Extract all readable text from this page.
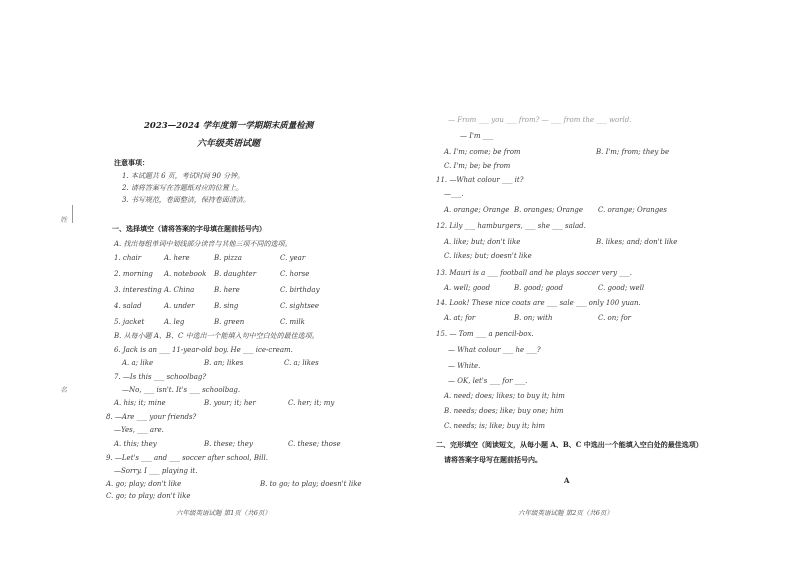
姓
名
2023—2024 学年度第一学期期末质量检测
六年级英语试题
注意事项：
1. 本试题共 6 页，考试时间 90 分钟。
2. 请将答案写在答题纸对应的位置上。
3. 书写规范，卷面整洁，保持卷面清洁。
一、选择填空（请将答案的字母填在题前括号内）
A. 找出每组单词中划线部分读音与其他三项不同的选项。
1. chair	A. here	B. pizza	C. year
2. morning A. notebook B. daughter	C. horse
3. interesting A. China	B. here	C. birthday
4. salad	A. under	B. sing	C. sightsee
5. jacket	A. leg	B. green	C. milk
B. 从每小题 A、B、C 中选出一个能填入句中空白处的最佳选项。
6. Jack is an ___ 11-year-old boy. He ___ ice-cream.
A. a; like	B. an; likes	C. a; likes
7. —Is this ___ schoolbag?
—No, ___ isn't. It's ___ schoolbag.
A. his; it; mine	B. your; it; her	C. her; it; my
8. —Are ___ your friends?
—Yes, ___ are.
A. this; they	B. these; they	C. these; those
9. —Let's ___ and ___ soccer after school, Bill.
—Sorry. I ___ playing it.
A. go; play; don't like	B. to go; to play; doesn't like
C. go; to play; don't like
六年级英语试题 第1页（共6页）
— From ___ you ___ from? — ___ from the ___ world.
— I'm ___
A. I'm; come; be from	B. I'm; from; they be
C. I'm; be; be from
11. —What colour ___ it?
—___.
A. orange; Orange B. oranges; Orange C. orange; Oranges
12. Lily ___ hamburgers, ___ she ___ salad.
A. like; but; don't like	B. likes; and; don't like
C. likes; but; doesn't like
13. Mauri is a ___ football and he plays soccer very ___.
A. well; good	B. good; good	C. good; well
14. Look! These nice coats are ___ sale ___ only 100 yuan.
A. at; for	B. on; with	C. on; for
15. — Tom ___ a pencil-box.
— What colour ___ he ___?
— White.
— OK, let's ___ for ___.
A. need; does; likes; to buy it; him
B. needs; does; like; buy one; him
C. needs; is; like; buy it; him
二、完形填空（阅读短文，从每小题 A、B、C 中选出一个能填入空白处的最佳选项）
请将答案字母写在题前括号内。
A
六年级英语试题 第2页（共6页）
